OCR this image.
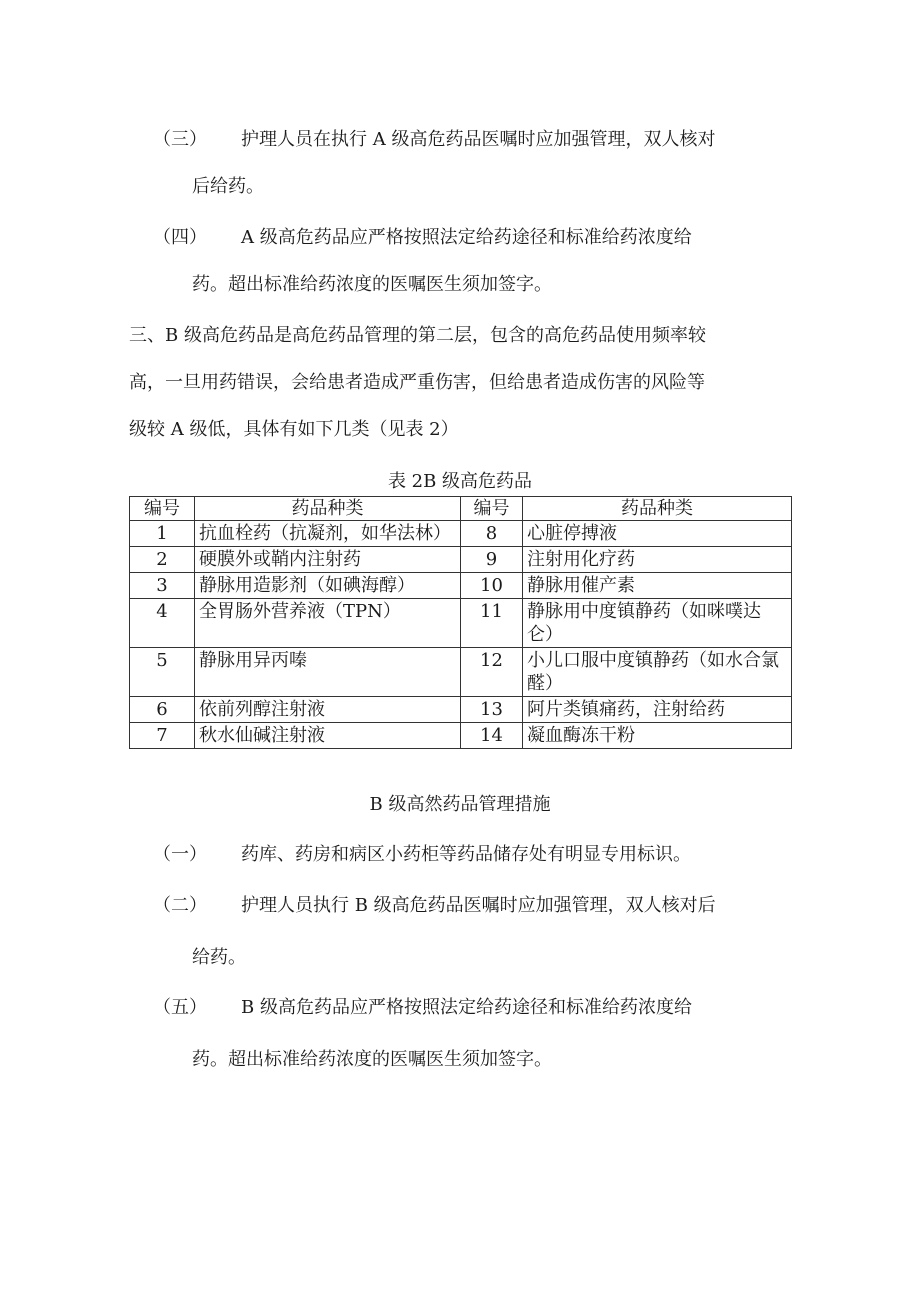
（三） 护理人员在执行 A 级高危药品医嘱时应加强管理，双人核对
后给药。
（四） A 级高危药品应严格按照法定给药途径和标准给药浓度给
药。超出标准给药浓度的医嘱医生须加签字。
三、B 级高危药品是高危药品管理的第二层，包含的高危药品使用频率较
高，一旦用药错误，会给患者造成严重伤害，但给患者造成伤害的风险等
级较 A 级低，具体有如下几类（见表 2）
表 2B 级高危药品
编号	药品种类	编号	药品种类
1	抗血栓药（抗凝剂，如华法林）	8	心脏停搏液
2	硬膜外或鞘内注射药	9	注射用化疗药
3	静脉用造影剂（如碘海醇）	10	静脉用催产素
4	全胃肠外营养液（TPN）	11	静脉用中度镇静药（如咪噗达仑）
5	静脉用异丙嗪	12	小儿口服中度镇静药（如水合氯醛）
6	依前列醇注射液	13	阿片类镇痛药，注射给药
7	秋水仙碱注射液	14	凝血酶冻干粉
B 级高然药品管理措施
（一） 药库、药房和病区小药柜等药品储存处有明显专用标识。
（二） 护理人员执行 B 级高危药品医嘱时应加强管理，双人核对后
给药。
（五） B 级高危药品应严格按照法定给药途径和标准给药浓度给
药。超出标准给药浓度的医嘱医生须加签字。
